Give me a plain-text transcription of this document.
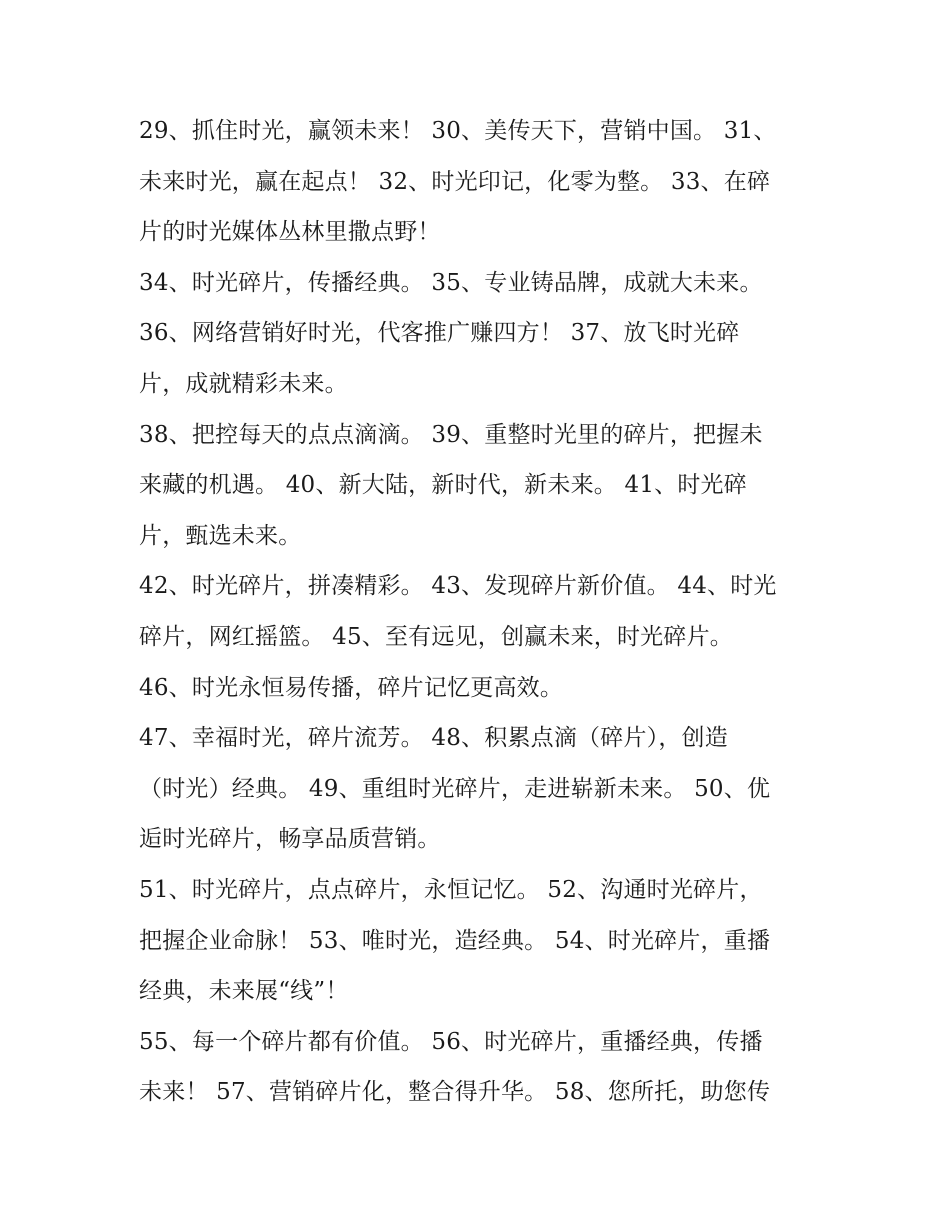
29、抓住时光，赢领未来！ 30、美传天下，营销中国。 31、
未来时光，赢在起点！ 32、时光印记，化零为整。 33、在碎
片的时光媒体丛林里撒点野！
34、时光碎片，传播经典。 35、专业铸品牌，成就大未来。
36、网络营销好时光，代客推广赚四方！ 37、放飞时光碎
片，成就精彩未来。
38、把控每天的点点滴滴。 39、重整时光里的碎片，把握未
来藏的机遇。 40、新大陆，新时代，新未来。 41、时光碎
片，甄选未来。
42、时光碎片，拼凑精彩。 43、发现碎片新价值。 44、时光
碎片，网红摇篮。 45、至有远见，创赢未来，时光碎片。
46、时光永恒易传播，碎片记忆更高效。
47、幸福时光，碎片流芳。 48、积累点滴（碎片），创造
（时光）经典。 49、重组时光碎片，走进崭新未来。 50、优
逅时光碎片，畅享品质营销。
51、时光碎片，点点碎片，永恒记忆。 52、沟通时光碎片，
把握企业命脉！ 53、唯时光，造经典。 54、时光碎片，重播
经典，未来展“线”！
55、每一个碎片都有价值。 56、时光碎片，重播经典，传播
未来！ 57、营销碎片化，整合得升华。 58、您所托，助您传
